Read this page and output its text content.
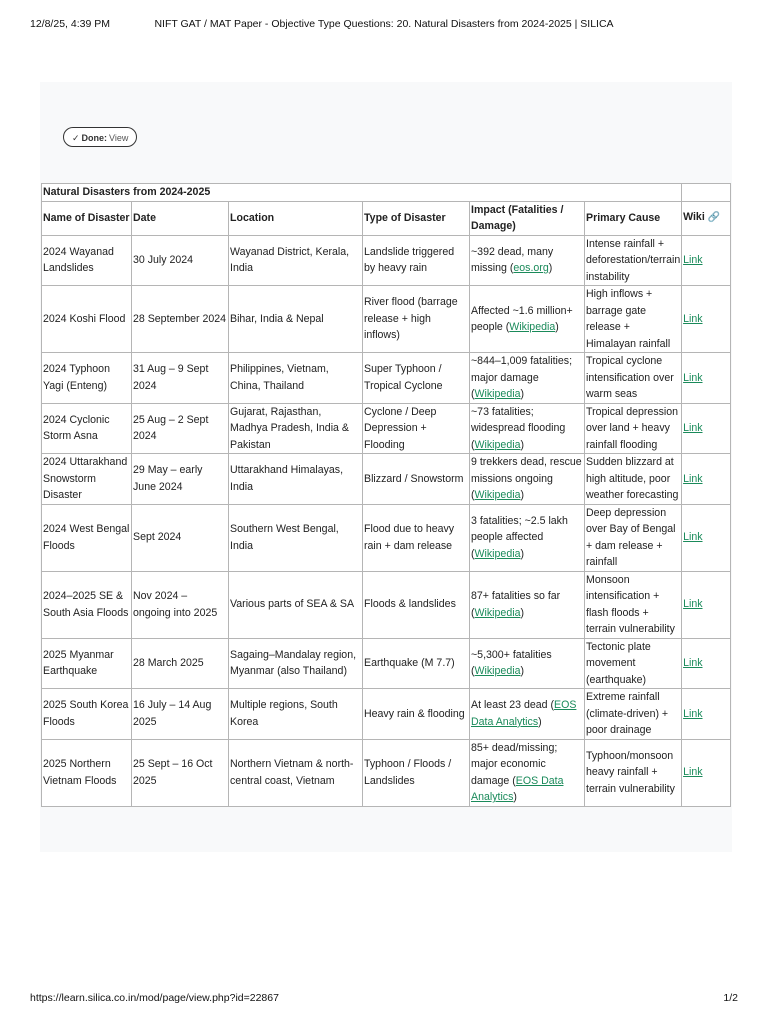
12/8/25, 4:39 PM	NIFT GAT / MAT Paper - Objective Type Questions: 20. Natural Disasters from 2024-2025 | SILICA
✓ Done: View
Natural Disasters from 2024-2025						
Name of Disaster	Date	Location	Type of Disaster	Impact (Fatalities / Damage)	Primary Cause	Wiki 🔗
2024 Wayanad Landslides	30 July 2024	Wayanad District, Kerala, India	Landslide triggered by heavy rain	~392 dead, many missing (eos.org)	Intense rainfall + deforestation/terrain instability	Link
2024 Koshi Flood	28 September 2024	Bihar, India & Nepal	River flood (barrage release + high inflows)	Affected ~1.6 million+ people (Wikipedia)	High inflows + barrage gate release + Himalayan rainfall	Link
2024 Typhoon Yagi (Enteng)	31 Aug – 9 Sept 2024	Philippines, Vietnam, China, Thailand	Super Typhoon / Tropical Cyclone	~844–1,009 fatalities; major damage (Wikipedia)	Tropical cyclone intensification over warm seas	Link
2024 Cyclonic Storm Asna	25 Aug – 2 Sept 2024	Gujarat, Rajasthan, Madhya Pradesh, India & Pakistan	Cyclone / Deep Depression + Flooding	~73 fatalities; widespread flooding (Wikipedia)	Tropical depression over land + heavy rainfall flooding	Link
2024 Uttarakhand Snowstorm Disaster	29 May – early June 2024	Uttarakhand Himalayas, India	Blizzard / Snowstorm	9 trekkers dead, rescue missions ongoing (Wikipedia)	Sudden blizzard at high altitude, poor weather forecasting	Link
2024 West Bengal Floods	Sept 2024	Southern West Bengal, India	Flood due to heavy rain + dam release	3 fatalities; ~2.5 lakh people affected (Wikipedia)	Deep depression over Bay of Bengal + dam release + rainfall	Link
2024–2025 SE & South Asia Floods	Nov 2024 – ongoing into 2025	Various parts of SEA & SA	Floods & landslides	87+ fatalities so far (Wikipedia)	Monsoon intensification + flash floods + terrain vulnerability	Link
2025 Myanmar Earthquake	28 March 2025	Sagaing–Mandalay region, Myanmar (also Thailand)	Earthquake (M 7.7)	~5,300+ fatalities (Wikipedia)	Tectonic plate movement (earthquake)	Link
2025 South Korea Floods	16 July – 14 Aug 2025	Multiple regions, South Korea	Heavy rain & flooding	At least 23 dead (EOS Data Analytics)	Extreme rainfall (climate-driven) + poor drainage	Link
2025 Northern Vietnam Floods	25 Sept – 16 Oct 2025	Northern Vietnam & north-central coast, Vietnam	Typhoon / Floods / Landslides	85+ dead/missing; major economic damage (EOS Data Analytics)	Typhoon/monsoon heavy rainfall + terrain vulnerability	Link
https://learn.silica.co.in/mod/page/view.php?id=22867	1/2
